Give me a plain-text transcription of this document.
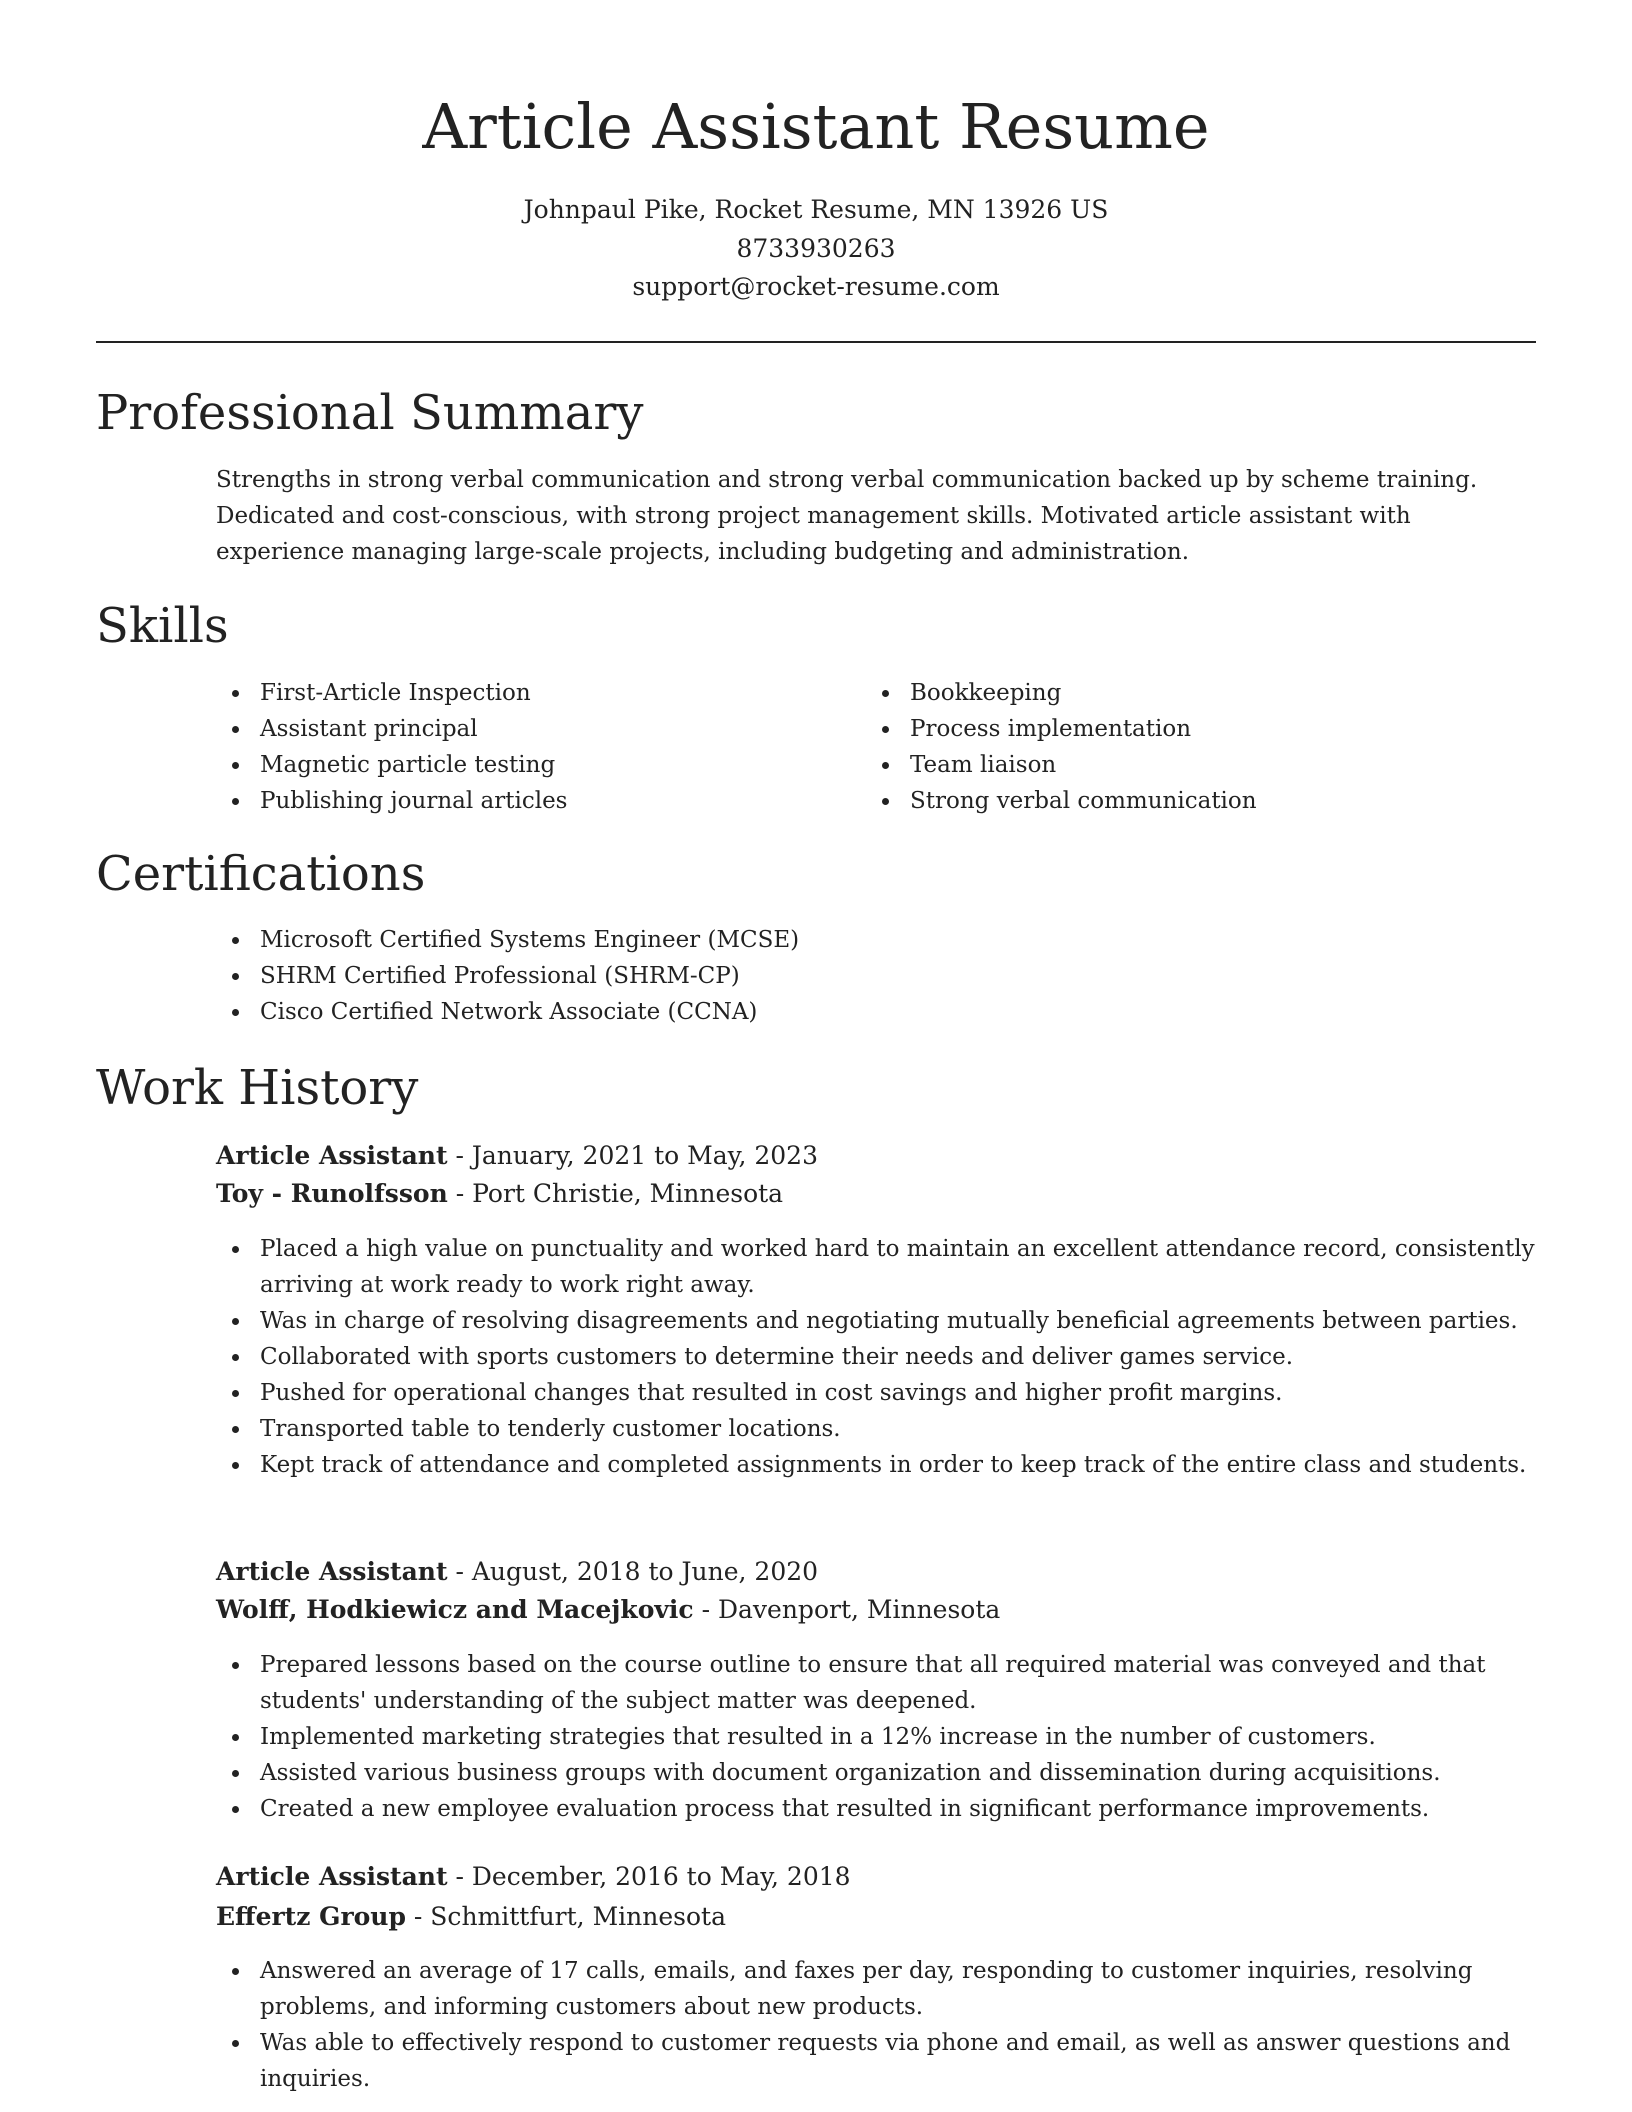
Article Assistant Resume
Johnpaul Pike, Rocket Resume, MN 13926 US
8733930263
support@rocket-resume.com
Professional Summary

Strengths in strong verbal communication and strong verbal communication backed up by scheme training. Dedicated and cost-conscious, with strong project management skills. Motivated article assistant with experience managing large-scale projects, including budgeting and administration.

Skills
First-Article Inspection
Assistant principal
Magnetic particle testing
Publishing journal articles
Bookkeeping
Process implementation
Team liaison
Strong verbal communication
Certifications
Microsoft Certified Systems Engineer (MCSE)
SHRM Certified Professional (SHRM-CP)
Cisco Certified Network Associate (CCNA)
Work History
Article Assistant - January, 2021 to May, 2023
Toy - Runolfsson - Port Christie, Minnesota
Placed a high value on punctuality and worked hard to maintain an excellent attendance record, consistently arriving at work ready to work right away.
Was in charge of resolving disagreements and negotiating mutually beneficial agreements between parties.
Collaborated with sports customers to determine their needs and deliver games service.
Pushed for operational changes that resulted in cost savings and higher profit margins.
Transported table to tenderly customer locations.
Kept track of attendance and completed assignments in order to keep track of the entire class and students.
Article Assistant - August, 2018 to June, 2020
Wolff, Hodkiewicz and Macejkovic - Davenport, Minnesota
Prepared lessons based on the course outline to ensure that all required material was conveyed and that students' understanding of the subject matter was deepened.
Implemented marketing strategies that resulted in a 12% increase in the number of customers.
Assisted various business groups with document organization and dissemination during acquisitions.
Created a new employee evaluation process that resulted in significant performance improvements.
Article Assistant - December, 2016 to May, 2018
Effertz Group - Schmittfurt, Minnesota
Answered an average of 17 calls, emails, and faxes per day, responding to customer inquiries, resolving problems, and informing customers about new products.
Was able to effectively respond to customer requests via phone and email, as well as answer questions and inquiries.
